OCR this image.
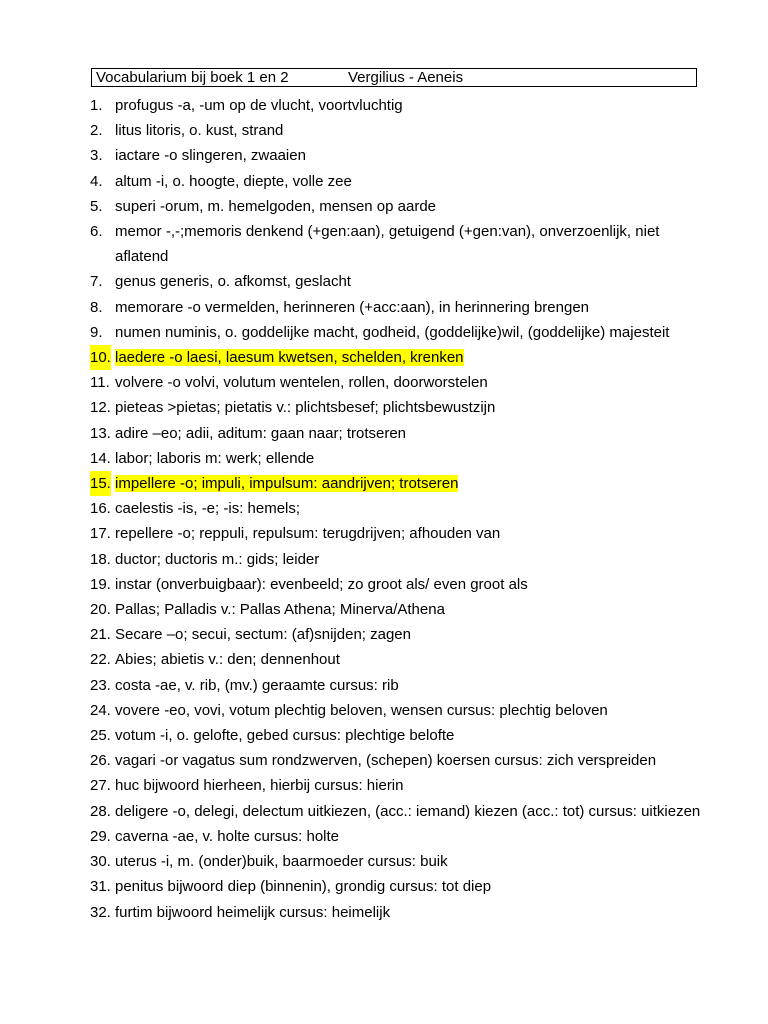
Vocabularium bij boek 1 en 2	Vergilius - Aeneis
1. profugus -a, -um op de vlucht, voortvluchtig
2. litus litoris, o. kust, strand
3. iactare -o slingeren, zwaaien
4. altum -i, o. hoogte, diepte, volle zee
5. superi -orum, m. hemelgoden, mensen op aarde
6. memor -,-;memoris denkend (+gen:aan), getuigend (+gen:van), onverzoenlijk, niet aflatend
7. genus generis, o. afkomst, geslacht
8. memorare -o vermelden, herinneren (+acc:aan), in herinnering brengen
9. numen numinis, o. goddelijke macht, godheid, (goddelijke)wil, (goddelijke) majesteit
10. laedere -o laesi, laesum kwetsen, schelden, krenken
11. volvere -o volvi, volutum wentelen, rollen, doorworstelen
12. pieteas >pietas; pietatis v.: plichtsbesef; plichtsbewustzijn
13. adire –eo; adii, aditum: gaan naar; trotseren
14. labor; laboris m: werk; ellende
15. impellere -o; impuli, impulsum: aandrijven; trotseren
16. caelestis -is, -e; -is: hemels;
17. repellere -o; reppuli, repulsum: terugdrijven; afhouden van
18. ductor; ductoris m.: gids; leider
19. instar (onverbuigbaar): evenbeeld; zo groot als/ even groot als
20. Pallas; Palladis v.: Pallas Athena; Minerva/Athena
21. Secare –o; secui, sectum: (af)snijden; zagen
22. Abies; abietis v.: den; dennenhout
23. costa -ae, v. rib, (mv.) geraamte cursus: rib
24. vovere -eo, vovi, votum plechtig beloven, wensen cursus: plechtig beloven
25. votum -i, o. gelofte, gebed cursus: plechtige belofte
26. vagari -or vagatus sum rondzwerven, (schepen) koersen cursus: zich verspreiden
27. huc bijwoord hierheen, hierbij cursus: hierin
28. deligere -o, delegi, delectum uitkiezen, (acc.: iemand) kiezen (acc.: tot) cursus: uitkiezen
29. caverna -ae, v. holte cursus: holte
30. uterus -i, m. (onder)buik, baarmoeder cursus: buik
31. penitus bijwoord diep (binnenin), grondig cursus: tot diep
32. furtim bijwoord heimelijk cursus: heimelijk
